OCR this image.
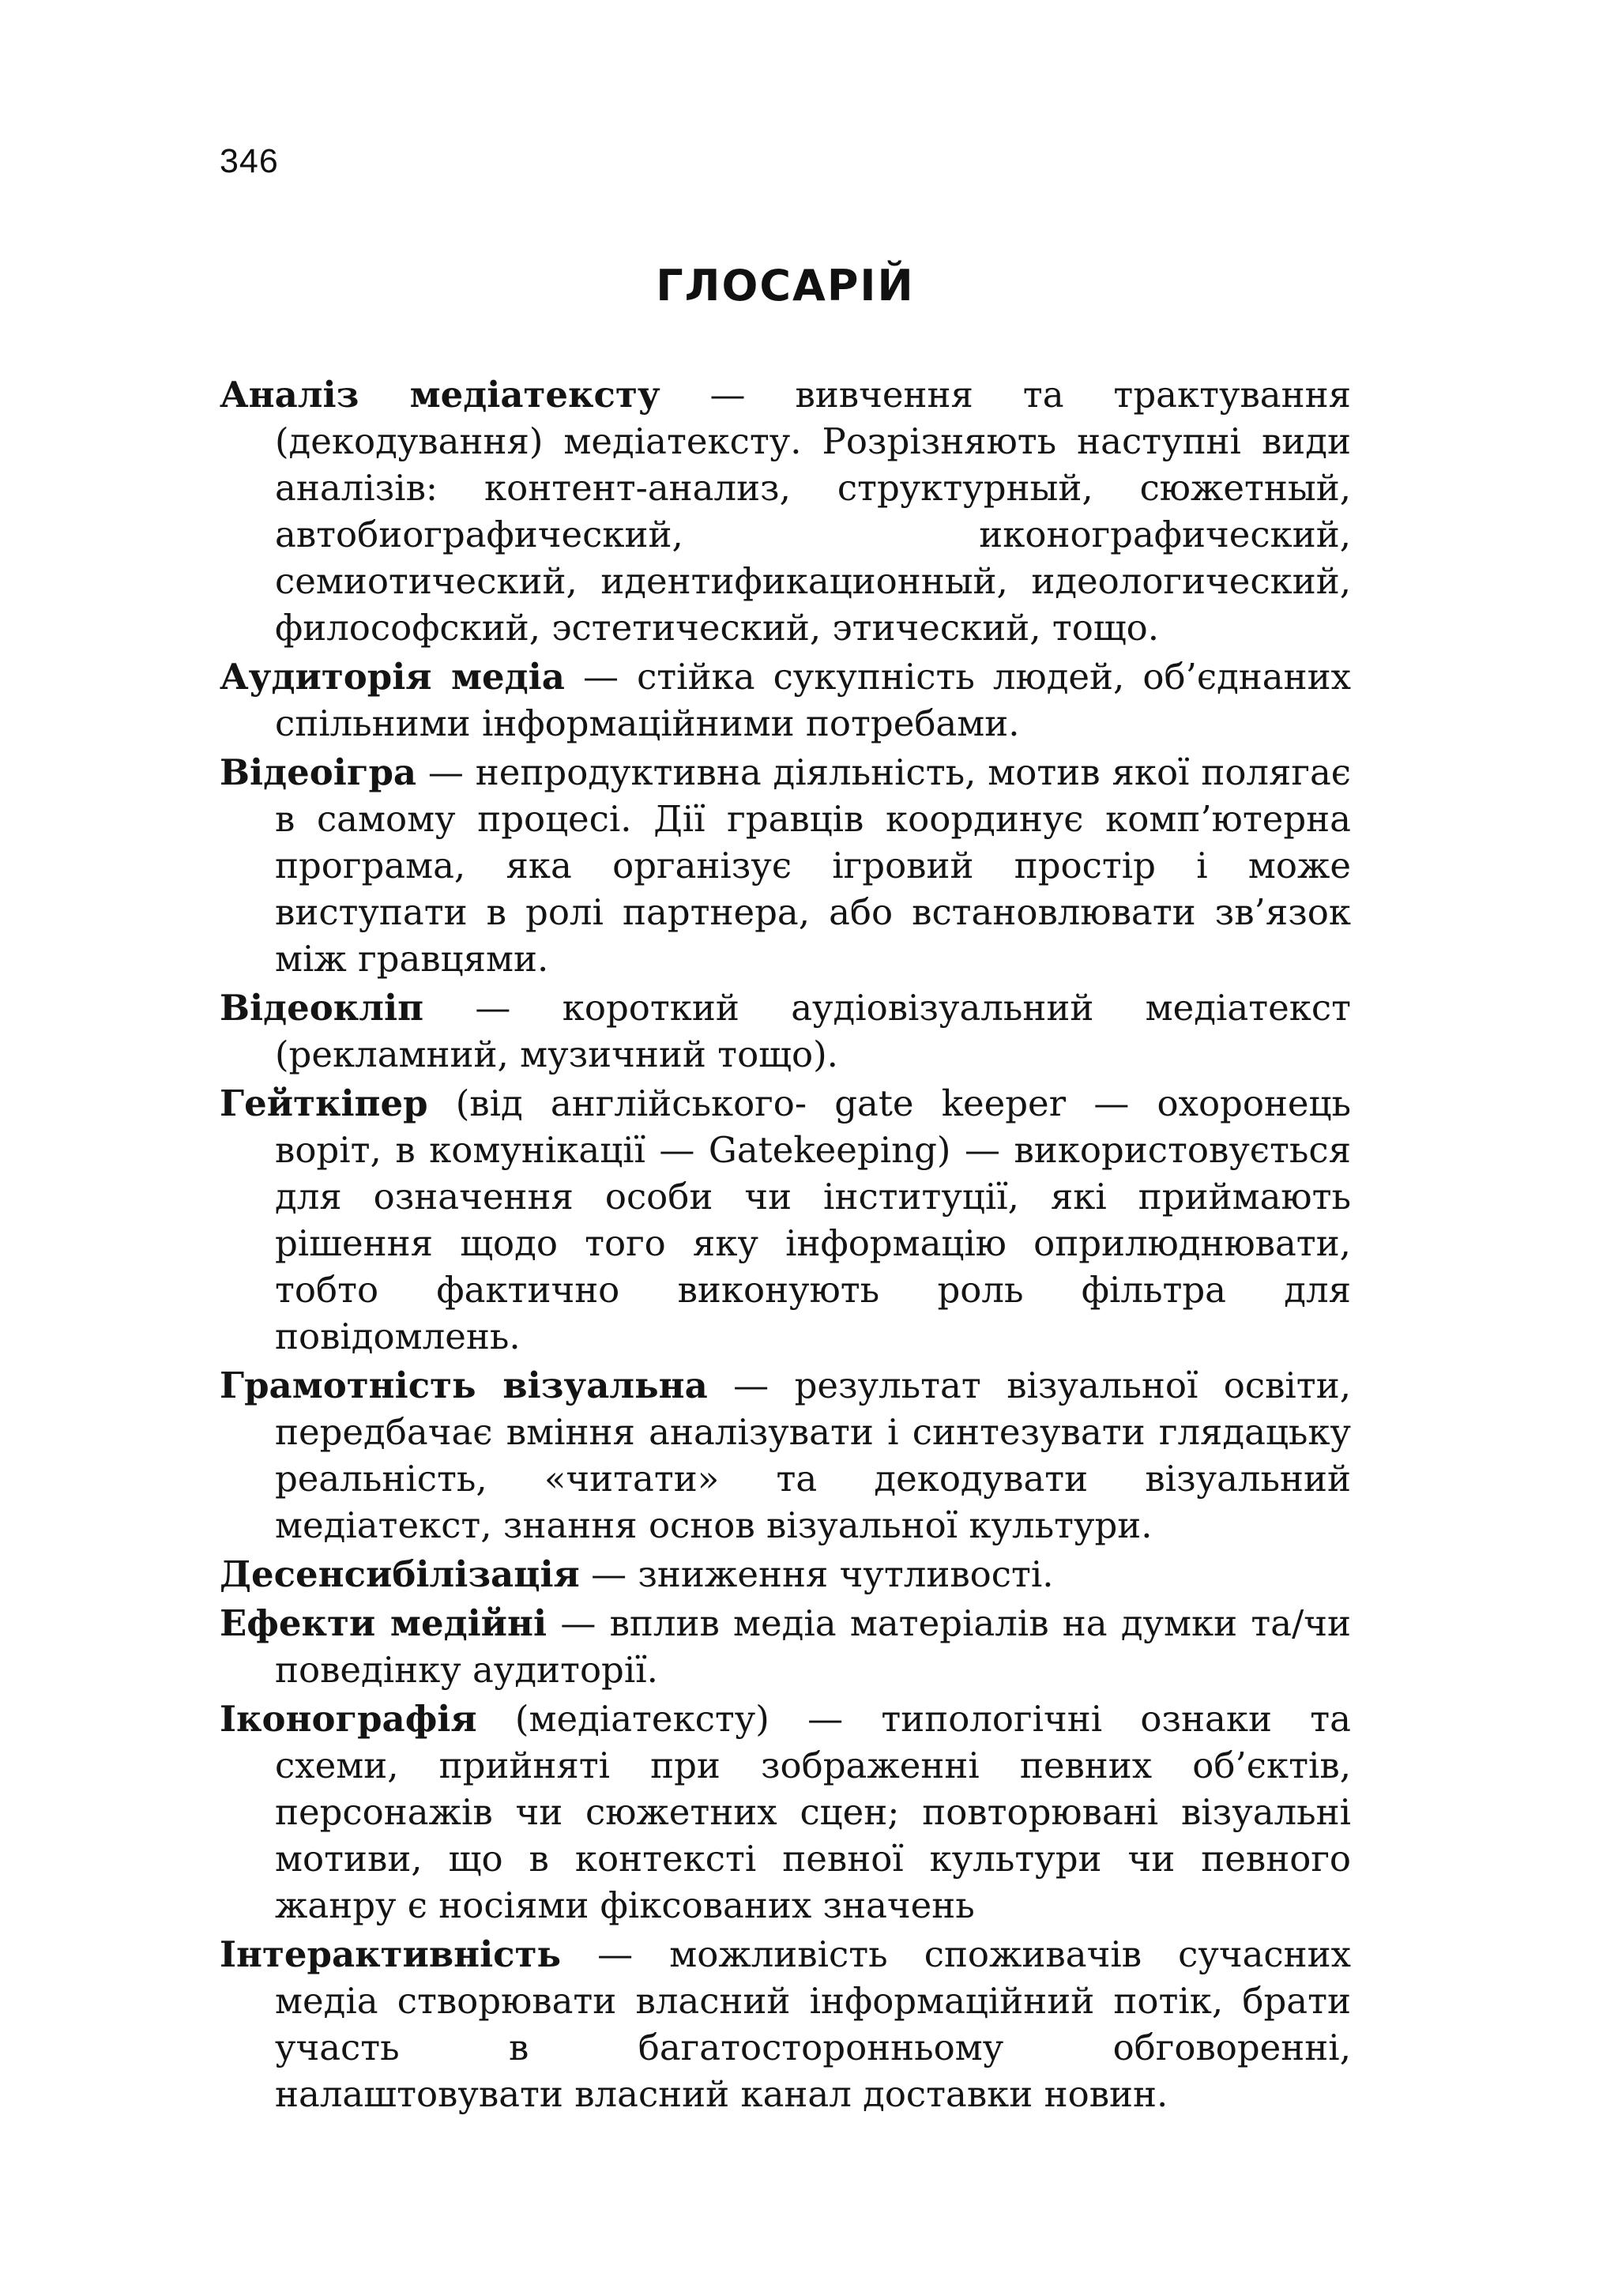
346
ГЛОСАРІЙ

Аналіз медіатексту — вивчення та трактування (декодування) медіатексту. Розрізняють наступні види аналізів: контент-анализ, структурный, сюжетный, автобиографический, иконографический, семиотический, идентификационный, идеологический, философский, эстетический, этический, тощо.

Аудиторія медіа — стійка сукупність людей, об’єднаних спільними інформаційними потребами.

Відеоігра — непродуктивна діяльність, мотив якої полягає в самому процесі. Дії гравців координує комп’ютерна програма, яка організує ігровий простір і може виступати в ролі партнера, або встановлювати зв’язок між гравцями.

Відеокліп — короткий аудіовізуальний медіатекст (рекламний, музичний тощо).

Гейткіпер (від англійського- gate keeper — охоронець воріт, в комунікації — Gatekeeping) — використовується для означення особи чи інституції, які приймають рішення щодо того яку інформацію оприлюднювати, тобто фактично виконують роль фільтра для повідомлень.

Грамотність візуальна — результат візуальної освіти, передбачає вміння аналізувати і синтезувати глядацьку реальність, «читати» та декодувати візуальний медіатекст, знання основ візуальної культури.

Десенсибілізація — зниження чутливості.

Ефекти медійні — вплив медіа матеріалів на думки та/чи поведінку аудиторії.

Іконографія (медіатексту) — типологічні ознаки та схеми, прийняті при зображенні певних об’єктів, персонажів чи сюжетних сцен; повторювані візуальні мотиви, що в контексті певної культури чи певного жанру є носіями фіксованих значень

Інтерактивність — можливість споживачів сучасних медіа створювати власний інформаційний потік, брати участь в багатосторонньому обговоренні, налаштовувати власний канал доставки новин.
